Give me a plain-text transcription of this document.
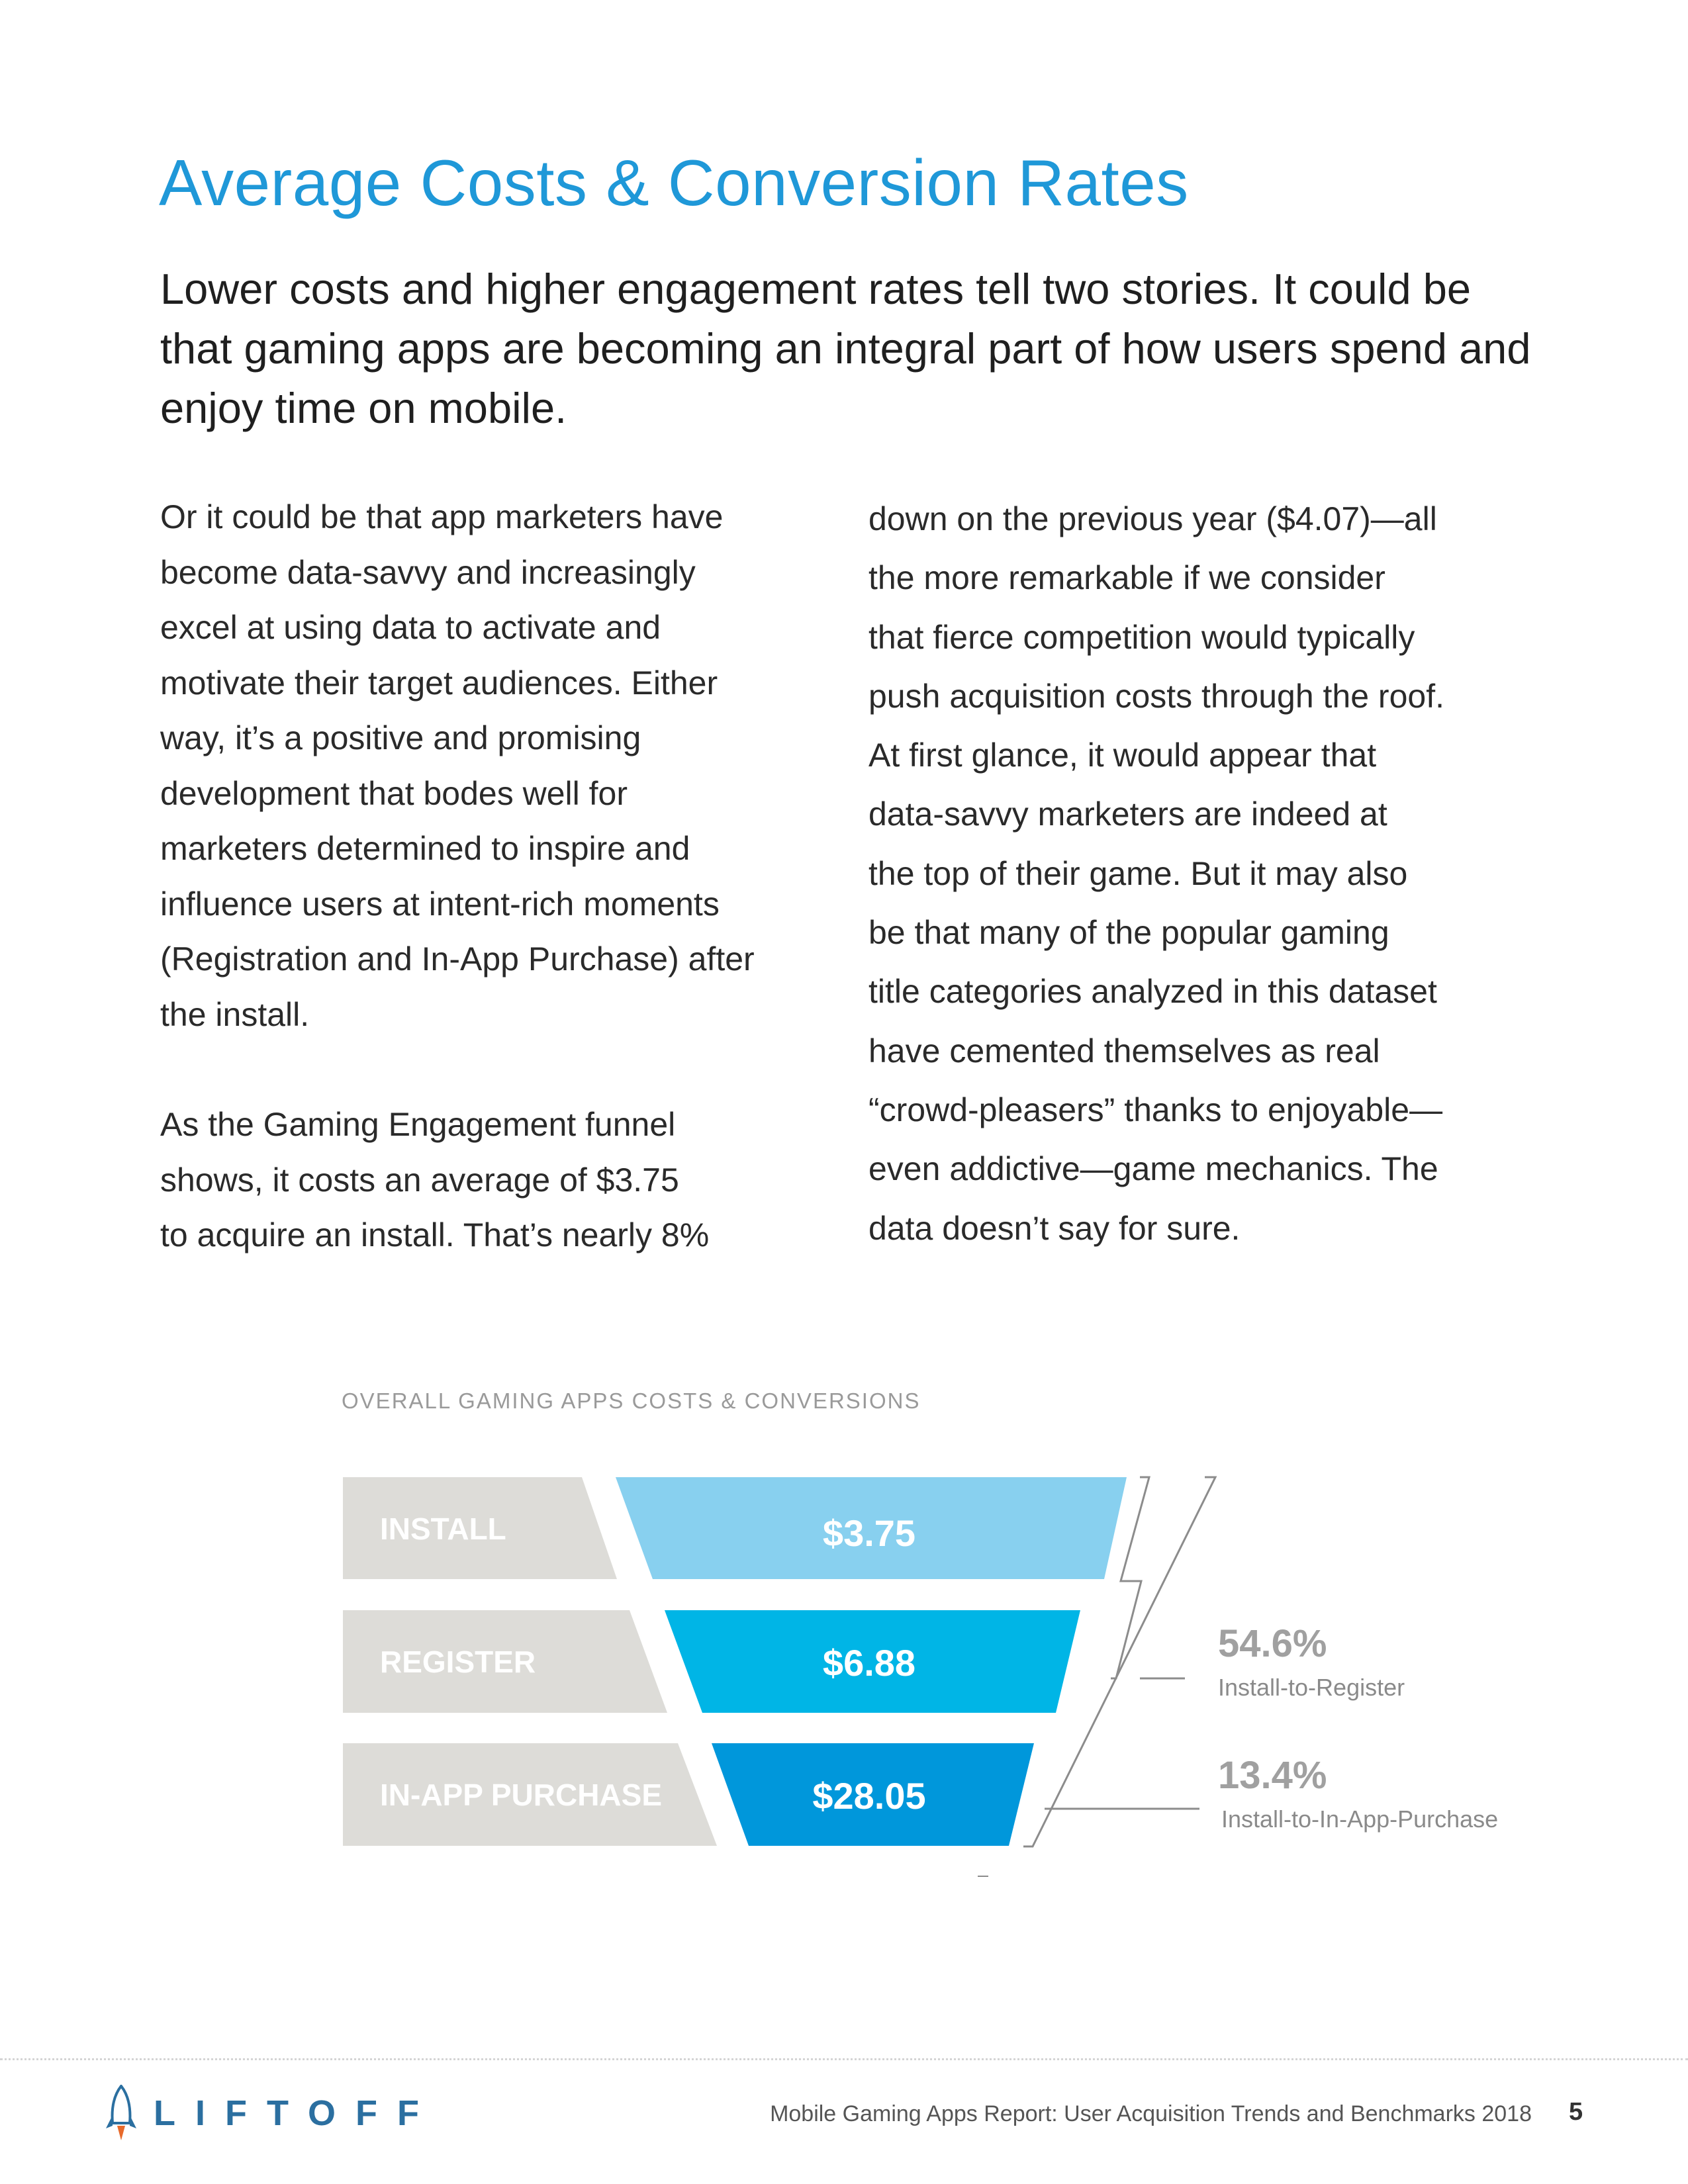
Average Costs & Conversion Rates

Lower costs and higher engagement rates tell two stories. It could be that gaming apps are becoming an integral part of how users spend and enjoy time on mobile.

Or it could be that app marketers have
become data-savvy and increasingly
excel at using data to activate and
motivate their target audiences. Either
way, it’s a positive and promising
development that bodes well for
marketers determined to inspire and
influence users at intent-rich moments
(Registration and In-App Purchase) after
the install.

As the Gaming Engagement funnel
shows, it costs an average of $3.75
to acquire an install. That’s nearly 8%

down on the previous year ($4.07)—all
the more remarkable if we consider
that fierce competition would typically
push acquisition costs through the roof.
At first glance, it would appear that
data-savvy marketers are indeed at
the top of their game. But it may also
be that many of the popular gaming
title categories analyzed in this dataset
have cemented themselves as real
“crowd-pleasers” thanks to enjoyable—
even addictive—game mechanics. The
data doesn’t say for sure.

OVERALL GAMING APPS COSTS & CONVERSIONS

INSTALL
REGISTER
IN-APP PURCHASE
$3.75
$6.88
$28.05
54.6%
Install-to-Register
13.4%
Install-to-In-App-Purchase
LIFTOFF	Mobile Gaming Apps Report: User Acquisition Trends and Benchmarks 2018 5
